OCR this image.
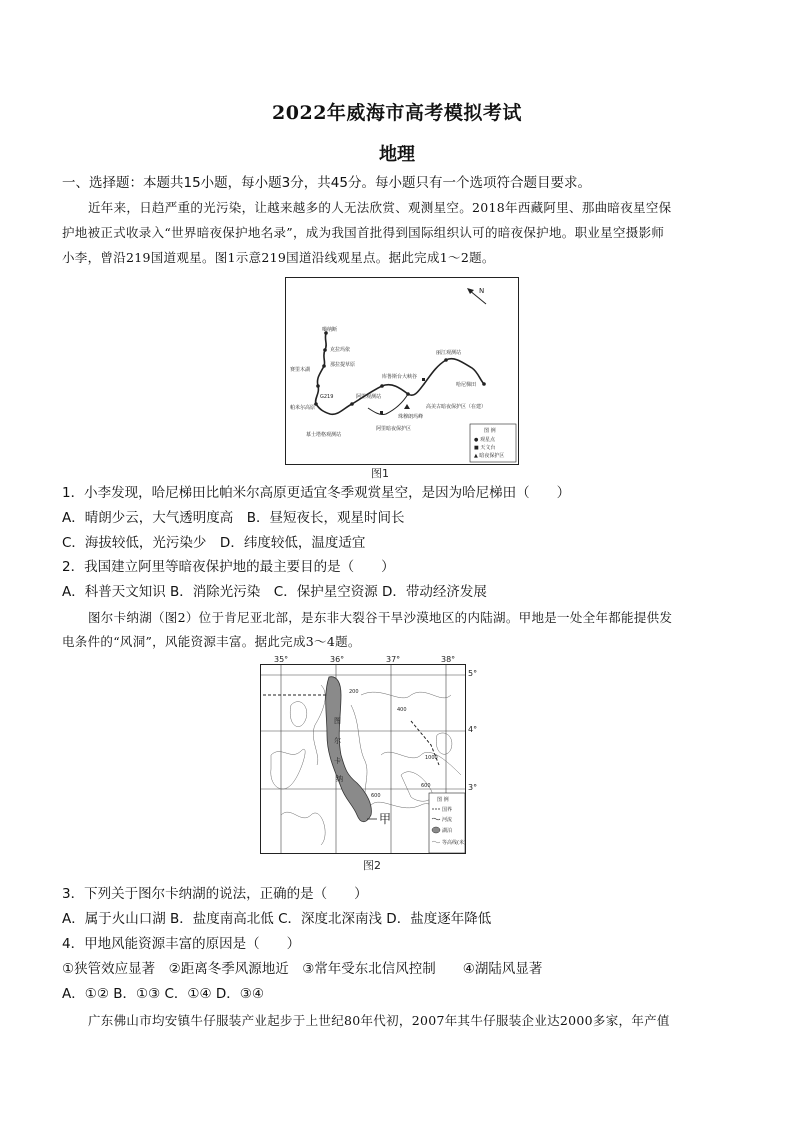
2022年威海市高考模拟考试
地理
一、选择题：本题共15小题，每小题3分，共45分。每小题只有一个选项符合题目要求。
近年来，日趋严重的光污染，让越来越多的人无法欣赏、观测星空。2018年西藏阿里、那曲暗夜星空保
护地被正式收录入“世界暗夜保护地名录”，成为我国首批得到国际组织认可的暗夜保护地。职业星空摄影师
小李，曾沿219国道观星。图1示意219国道沿线观星点。据此完成1～2题。
N
噶纳断
克拉玛依
赛里木湖
那拉提草原
库鲁斯台大峡谷
阿里观测站
帕米尔高原
慕士塔格观测站
阿里暗夜保护区
珠穆朗玛峰
高美古暗夜保护区（在建）
丽江观测站
哈尼梯田
G219
图 例
● 观星点
■ 天文台
▲ 暗夜保护区
图1
1．小李发现，哈尼梯田比帕米尔高原更适宜冬季观赏星空，是因为哈尼梯田（　　）
A．晴朗少云，大气透明度高　B．昼短夜长，观星时间长
C．海拔较低，光污染少　D．纬度较低，温度适宜
2．我国建立阿里等暗夜保护地的最主要目的是（　　）
A．科普天文知识 B．消除光污染　C．保护星空资源 D．带动经济发展
图尔卡纳湖（图2）位于肯尼亚北部，是东非大裂谷干旱沙漠地区的内陆湖。甲地是一处全年都能提供发
电条件的“风洞”，风能资源丰富。据此完成3～4题。
图
尔
卡
纳
200
400
600
1000
600
甲
图 例
国界
河流
湖泊
等高线(米)
35°	36°	37°	38°
5°
4°
3°
图2
3．下列关于图尔卡纳湖的说法，正确的是（　　）
A．属于火山口湖 B．盐度南高北低 C．深度北深南浅 D．盐度逐年降低
4．甲地风能资源丰富的原因是（　　）
①狭管效应显著　②距离冬季风源地近　③常年受东北信风控制　　④湖陆风显著
A．①② B．①③ C．①④ D．③④
广东佛山市均安镇牛仔服装产业起步于上世纪80年代初，2007年其牛仔服装企业达2000多家，年产值
